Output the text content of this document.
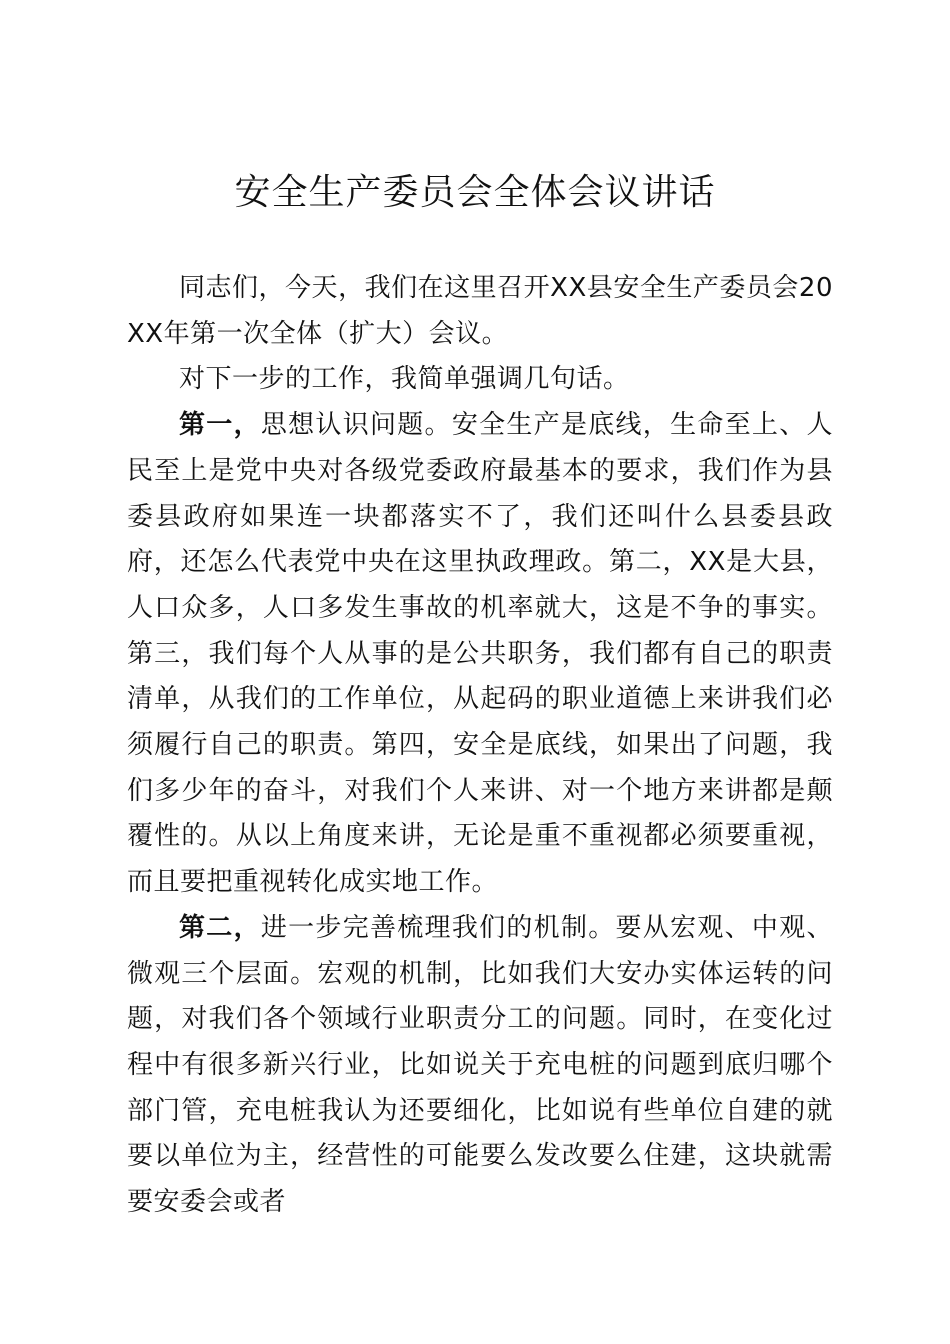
安全生产委员会全体会议讲话

同志们，今天，我们在这里召开XX县安全生产委员会20XX年第一次全体（扩大）会议。

对下一步的工作，我简单强调几句话。

第一，思想认识问题。安全生产是底线，生命至上、人民至上是党中央对各级党委政府最基本的要求，我们作为县委县政府如果连一块都落实不了，我们还叫什么县委县政府，还怎么代表党中央在这里执政理政。第二，XX是大县，人口众多，人口多发生事故的机率就大，这是不争的事实。第三，我们每个人从事的是公共职务，我们都有自己的职责清单，从我们的工作单位，从起码的职业道德上来讲我们必须履行自己的职责。第四，安全是底线，如果出了问题，我们多少年的奋斗，对我们个人来讲、对一个地方来讲都是颠覆性的。从以上角度来讲，无论是重不重视都必须要重视，而且要把重视转化成实地工作。

第二，进一步完善梳理我们的机制。要从宏观、中观、微观三个层面。宏观的机制，比如我们大安办实体运转的问题，对我们各个领域行业职责分工的问题。同时，在变化过程中有很多新兴行业，比如说关于充电桩的问题到底归哪个部门管，充电桩我认为还要细化，比如说有些单位自建的就要以单位为主，经营性的可能要么发改要么住建，这块就需要安委会或者
